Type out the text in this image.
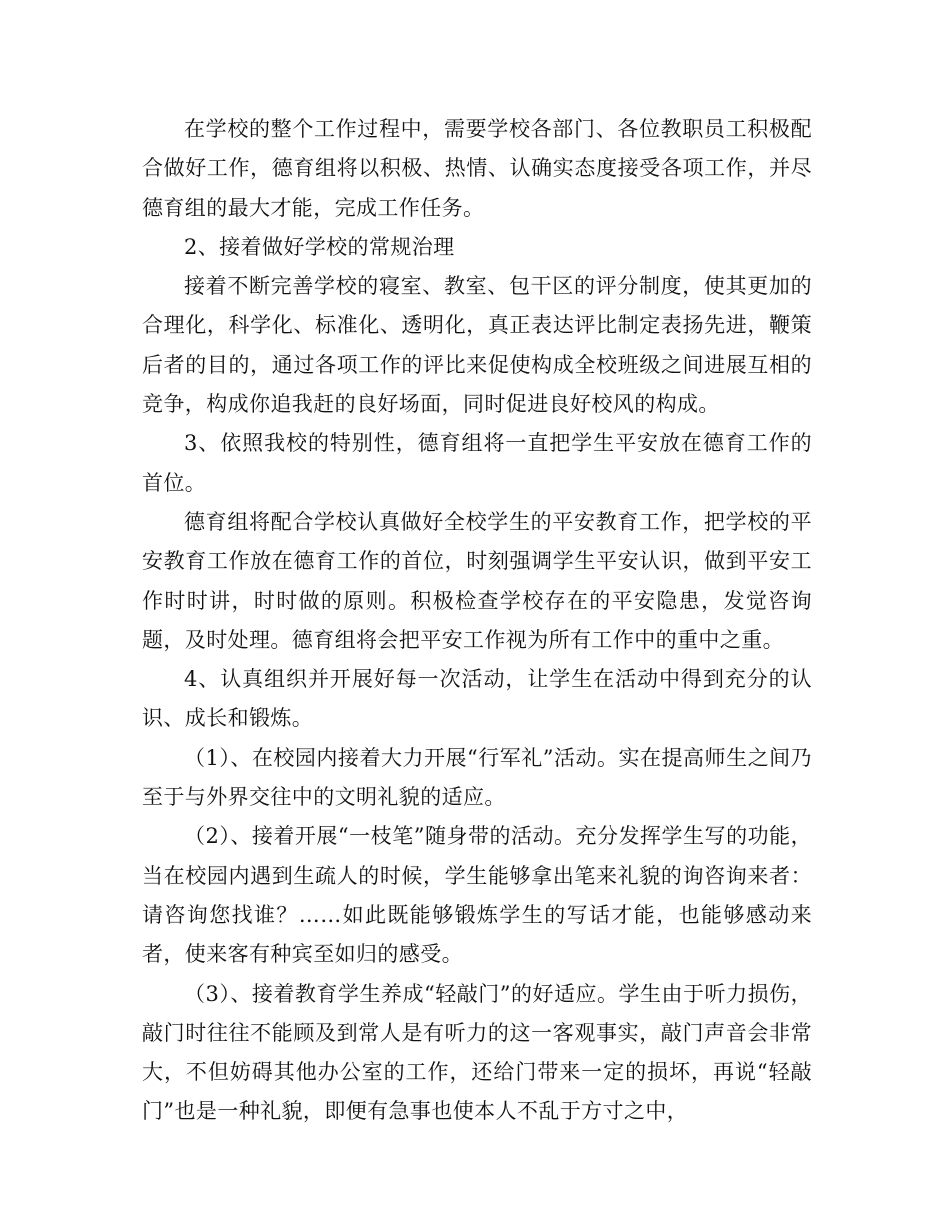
在学校的整个工作过程中，需要学校各部门、各位教职员工积极配合做好工作，德育组将以积极、热情、认确实态度接受各项工作，并尽德育组的最大才能，完成工作任务。

2、接着做好学校的常规治理

接着不断完善学校的寝室、教室、包干区的评分制度，使其更加的合理化，科学化、标准化、透明化，真正表达评比制定表扬先进，鞭策后者的目的，通过各项工作的评比来促使构成全校班级之间进展互相的竞争，构成你追我赶的良好场面，同时促进良好校风的构成。

3、依照我校的特别性，德育组将一直把学生平安放在德育工作的首位。

德育组将配合学校认真做好全校学生的平安教育工作，把学校的平安教育工作放在德育工作的首位，时刻强调学生平安认识，做到平安工作时时讲，时时做的原则。积极检查学校存在的平安隐患，发觉咨询题，及时处理。德育组将会把平安工作视为所有工作中的重中之重。

4、认真组织并开展好每一次活动，让学生在活动中得到充分的认识、成长和锻炼。

（1）、在校园内接着大力开展“行军礼”活动。实在提高师生之间乃至于与外界交往中的文明礼貌的适应。

（2）、接着开展“一枝笔”随身带的活动。充分发挥学生写的功能，当在校园内遇到生疏人的时候，学生能够拿出笔来礼貌的询咨询来者：请咨询您找谁？……如此既能够锻炼学生的写话才能，也能够感动来者，使来客有种宾至如归的感受。

（3）、接着教育学生养成“轻敲门”的好适应。学生由于听力损伤，敲门时往往不能顾及到常人是有听力的这一客观事实，敲门声音会非常大，不但妨碍其他办公室的工作，还给门带来一定的损坏，再说“轻敲门”也是一种礼貌，即便有急事也使本人不乱于方寸之中，
